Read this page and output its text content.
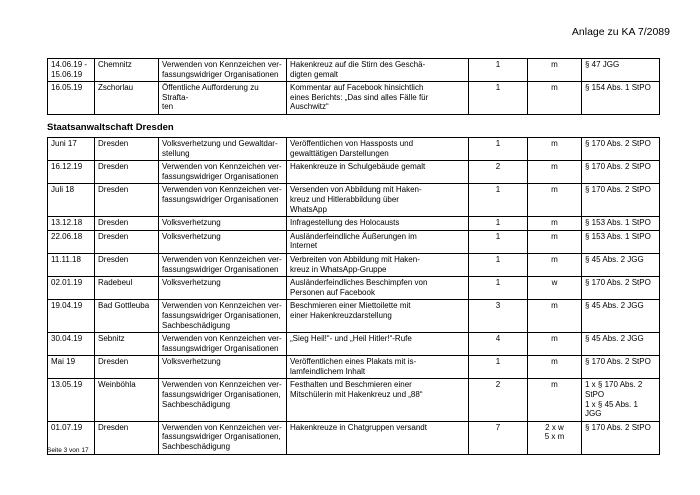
Anlage zu KA 7/2089
14.06.19 -
15.06.19	Chemnitz	Verwenden von Kennzeichen ver-
fassungswidriger Organisationen	Hakenkreuz auf die Stirn des Geschä-
digten gemalt	1	m	§ 47 JGG
16.05.19	Zschorlau	Öffentliche Aufforderung zu Strafta-
ten	Kommentar auf Facebook hinsichtlich
eines Berichts: „Das sind alles Fälle für
Auschwitz“	1	m	§ 154 Abs. 1 StPO
Staatsanwaltschaft Dresden
Juni 17	Dresden	Volksverhetzung und Gewaltdar-
stellung	Veröffentlichen von Hassposts und
gewalttätigen Darstellungen	1	m	§ 170 Abs. 2 StPO
16.12.19	Dresden	Verwenden von Kennzeichen ver-
fassungswidriger Organisationen	Hakenkreuze in Schulgebäude gemalt	2	m	§ 170 Abs. 2 StPO
Juli 18	Dresden	Verwenden von Kennzeichen ver-
fassungswidriger Organisationen	Versenden von Abbildung mit Haken-
kreuz und Hitlerabbildung über
WhatsApp	1	m	§ 170 Abs. 2 StPO
13.12.18	Dresden	Volksverhetzung	Infragestellung des Holocausts	1	m	§ 153 Abs. 1 StPO
22.06.18	Dresden	Volksverhetzung	Ausländerfeindliche Äußerungen im
Internet	1	m	§ 153 Abs. 1 StPO
11.11.18	Dresden	Verwenden von Kennzeichen ver-
fassungswidriger Organisationen	Verbreiten von Abbildung mit Haken-
kreuz in WhatsApp-Gruppe	1	m	§ 45 Abs. 2 JGG
02.01.19	Radebeul	Volksverhetzung	Ausländerfeindliches Beschimpfen von
Personen auf Facebook	1	w	§ 170 Abs. 2 StPO
19.04.19	Bad Gottleuba	Verwenden von Kennzeichen ver-
fassungswidriger Organisationen,
Sachbeschädigung	Beschmieren einer Miettoilette mit
einer Hakenkreuzdarstellung	3	m	§ 45 Abs. 2 JGG
30.04.19	Sebnitz	Verwenden von Kennzeichen ver-
fassungswidriger Organisationen	„Sieg Heil!“- und „Heil Hitler!“-Rufe	4	m	§ 45 Abs. 2 JGG
Mai 19	Dresden	Volksverhetzung	Veröffentlichen eines Plakats mit is-
lamfeindlichem Inhalt	1	m	§ 170 Abs. 2 StPO
13.05.19	Weinböhla	Verwenden von Kennzeichen ver-
fassungswidriger Organisationen,
Sachbeschädigung	Festhalten und Beschmieren einer
Mitschülerin mit Hakenkreuz und „88“	2	m	1 x § 170 Abs. 2
StPO
1 x § 45 Abs. 1 JGG
01.07.19	Dresden	Verwenden von Kennzeichen ver-
fassungswidriger Organisationen,
Sachbeschädigung	Hakenkreuze in Chatgruppen versandt	7	2 x w
5 x m	§ 170 Abs. 2 StPO
Seite 3 von 17
